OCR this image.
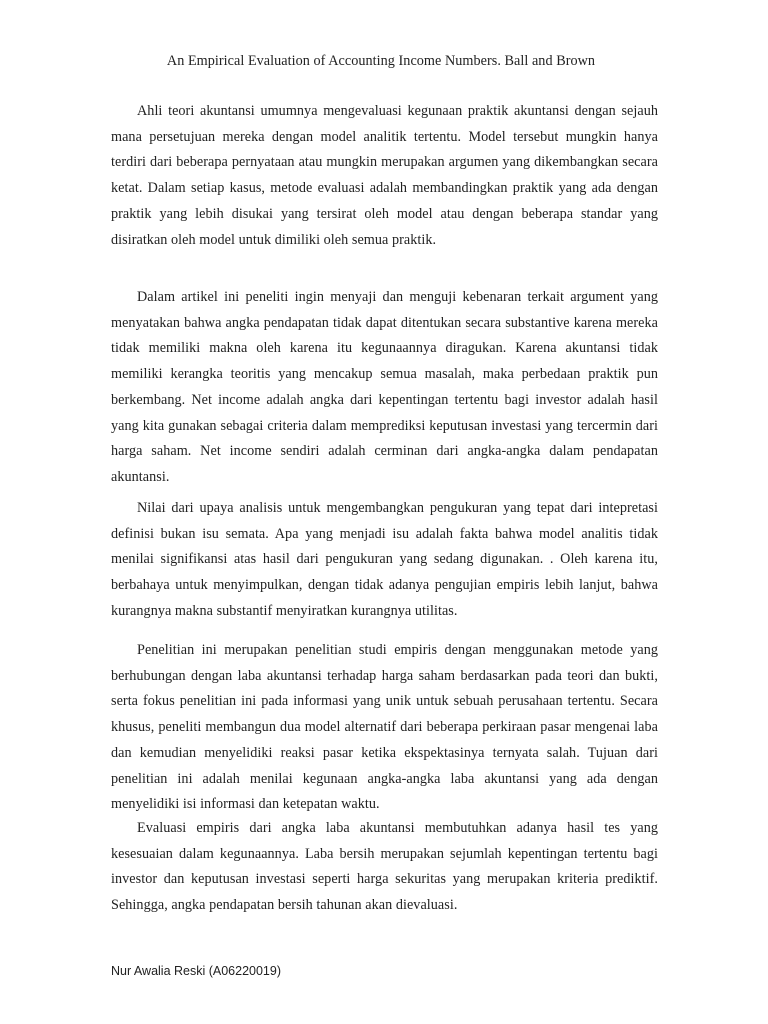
An Empirical Evaluation of Accounting Income Numbers. Ball and Brown

Ahli teori akuntansi umumnya mengevaluasi kegunaan praktik akuntansi dengan sejauh mana persetujuan mereka dengan model analitik tertentu. Model tersebut mungkin hanya terdiri dari beberapa pernyataan atau mungkin merupakan argumen yang dikembangkan secara ketat. Dalam setiap kasus, metode evaluasi adalah membandingkan praktik yang ada dengan praktik yang lebih disukai yang tersirat oleh model atau dengan beberapa standar yang disiratkan oleh model untuk dimiliki oleh semua praktik.

Dalam artikel ini peneliti ingin menyaji dan menguji kebenaran terkait argument yang menyatakan bahwa angka pendapatan tidak dapat ditentukan secara substantive karena mereka tidak memiliki makna oleh karena itu kegunaannya diragukan. Karena akuntansi tidak memiliki kerangka teoritis yang mencakup semua masalah, maka perbedaan praktik pun berkembang. Net income adalah angka dari kepentingan tertentu bagi investor adalah hasil yang kita gunakan sebagai criteria dalam memprediksi keputusan investasi yang tercermin dari harga saham. Net income sendiri adalah cerminan dari angka-angka dalam pendapatan akuntansi.

Nilai dari upaya analisis untuk mengembangkan pengukuran yang tepat dari intepretasi definisi bukan isu semata. Apa yang menjadi isu adalah fakta bahwa model analitis tidak menilai signifikansi atas hasil dari pengukuran yang sedang digunakan. . Oleh karena itu, berbahaya untuk menyimpulkan, dengan tidak adanya pengujian empiris lebih lanjut, bahwa kurangnya makna substantif menyiratkan kurangnya utilitas.

Penelitian ini merupakan penelitian studi empiris dengan menggunakan metode yang berhubungan dengan laba akuntansi terhadap harga saham berdasarkan pada teori dan bukti, serta fokus penelitian ini pada informasi yang unik untuk sebuah perusahaan tertentu. Secara khusus, peneliti membangun dua model alternatif dari beberapa perkiraan pasar mengenai laba dan kemudian menyelidiki reaksi pasar ketika ekspektasinya ternyata salah. Tujuan dari penelitian ini adalah menilai kegunaan angka-angka laba akuntansi yang ada dengan menyelidiki isi informasi dan ketepatan waktu.

Evaluasi empiris dari angka laba akuntansi membutuhkan adanya hasil tes yang kesesuaian dalam kegunaannya. Laba bersih merupakan sejumlah kepentingan tertentu bagi investor dan keputusan investasi seperti harga sekuritas yang merupakan kriteria prediktif. Sehingga, angka pendapatan bersih tahunan akan dievaluasi.

Nur Awalia Reski (A06220019)
